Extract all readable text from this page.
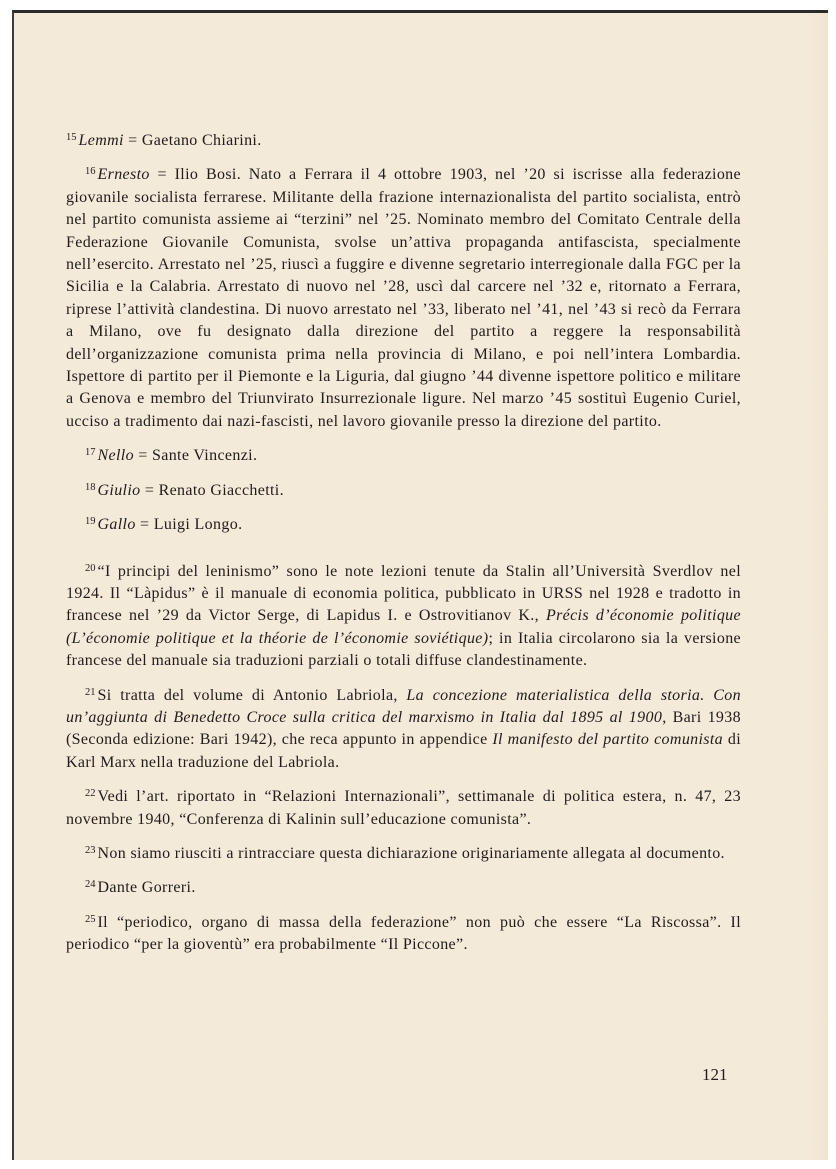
$^{15}$ Lemmi = Gaetano Chiarini.

$^{16}$ Ernesto = Ilio Bosi. Nato a Ferrara il 4 ottobre 1903, nel ’20 si iscrisse alla federazione giovanile socialista ferrarese. Militante della frazione internazionalista del partito socialista, entrò nel partito comunista assieme ai “terzini” nel ’25. Nominato membro del Comitato Centrale della Federazione Giovanile Comunista, svolse un’attiva propaganda antifascista, specialmente nell’esercito. Arrestato nel ’25, riuscì a fuggire e divenne segretario interregionale dalla FGC per la Sicilia e la Calabria. Arrestato di nuovo nel ’28, uscì dal carcere nel ’32 e, ritornato a Ferrara, riprese l’attività clandestina. Di nuovo arrestato nel ’33, liberato nel ’41, nel ’43 si recò da Ferrara a Milano, ove fu designato dalla direzione del partito a reggere la responsabilità dell’organizzazione comunista prima nella provincia di Milano, e poi nell’intera Lombardia. Ispettore di partito per il Piemonte e la Liguria, dal giugno ’44 divenne ispettore politico e militare a Genova e membro del Triunvirato Insurrezionale ligure. Nel marzo ’45 sostituì Eugenio Curiel, ucciso a tradimento dai nazi-fascisti, nel lavoro giovanile presso la direzione del partito.

$^{17}$ Nello = Sante Vincenzi.

$^{18}$ Giulio = Renato Giacchetti.

$^{19}$ Gallo = Luigi Longo.

$^{20}$ “I principi del leninismo” sono le note lezioni tenute da Stalin all’Università Sverdlov nel 1924. Il “Làpidus” è il manuale di economia politica, pubblicato in URSS nel 1928 e tradotto in francese nel ’29 da Victor Serge, di Lapidus I. e Ostrovitianov K., Précis d’économie politique (L’économie politique et la théorie de l’économie soviétique); in Italia circolarono sia la versione francese del manuale sia traduzioni parziali o totali diffuse clandestinamente.

$^{21}$ Si tratta del volume di Antonio Labriola, La concezione materialistica della storia. Con un’aggiunta di Benedetto Croce sulla critica del marxismo in Italia dal 1895 al 1900, Bari 1938 (Seconda edizione: Bari 1942), che reca appunto in appendice Il manifesto del partito comunista di Karl Marx nella traduzione del Labriola.

$^{22}$ Vedi l’art. riportato in “Relazioni Internazionali”, settimanale di politica estera, n. 47, 23 novembre 1940, “Conferenza di Kalinin sull’educazione comunista”.

$^{23}$ Non siamo riusciti a rintracciare questa dichiarazione originariamente allegata al documento.

$^{24}$ Dante Gorreri.

$^{25}$ Il “periodico, organo di massa della federazione” non può che essere “La Riscossa”. Il periodico “per la gioventù” era probabilmente “Il Piccone”.

121
